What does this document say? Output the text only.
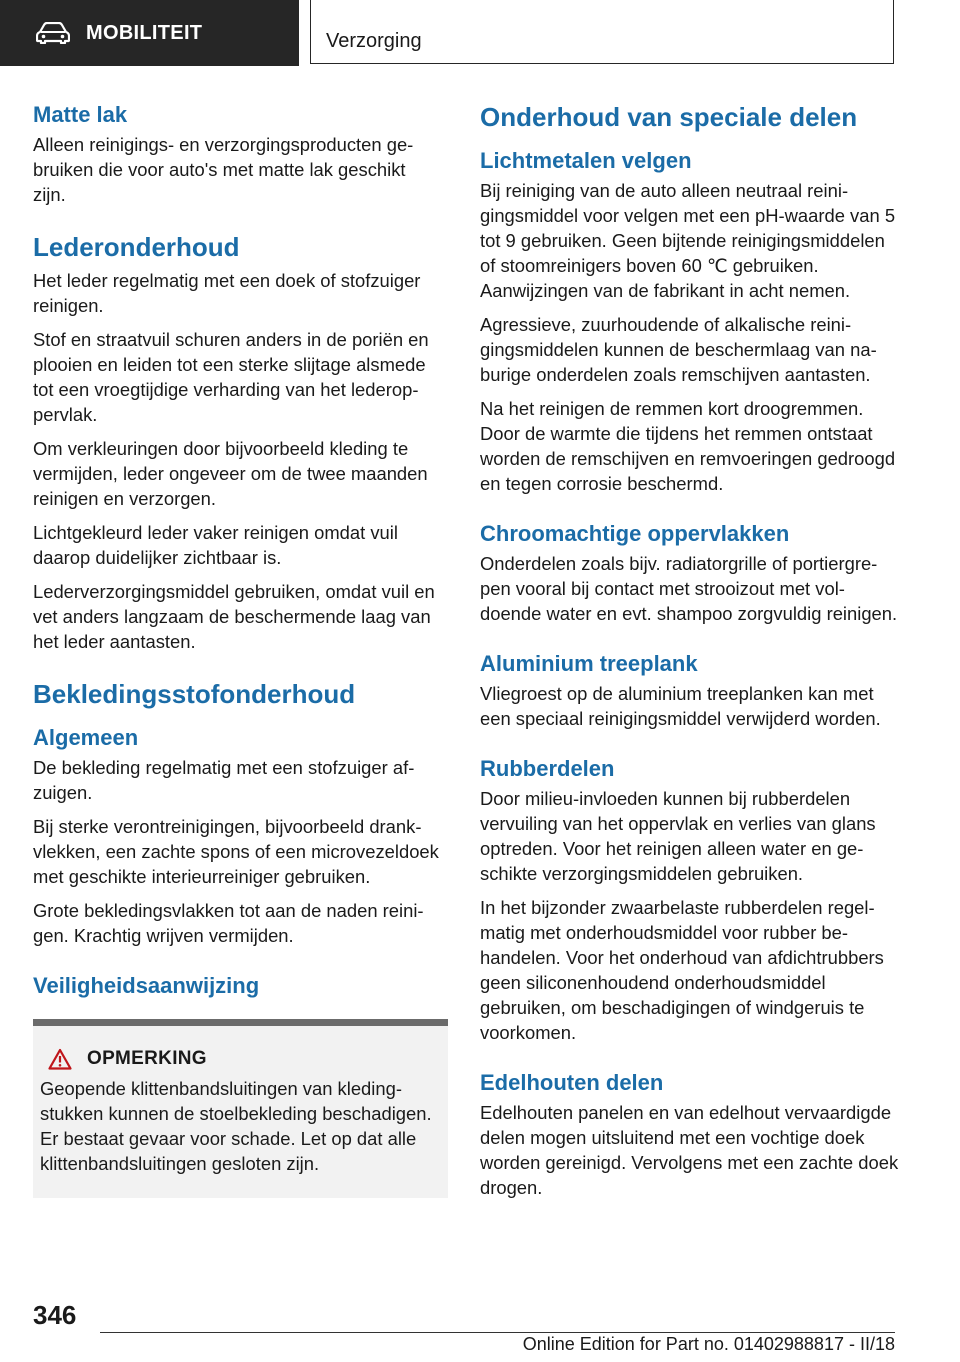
MOBILITEIT	Verzorging
Matte lak

Alleen reinigings- en verzorgingsproducten gebruiken die voor auto's met matte lak geschikt zijn.

Lederonderhoud

Het leder regelmatig met een doek of stofzuiger reinigen.

Stof en straatvuil schuren anders in de poriën en plooien en leiden tot een sterke slijtage alsmede tot een vroegtijdige verharding van het lederoppervlak.

Om verkleuringen door bijvoorbeeld kleding te vermijden, leder ongeveer om de twee maanden reinigen en verzorgen.

Lichtgekleurd leder vaker reinigen omdat vuil daarop duidelijker zichtbaar is.

Lederverzorgingsmiddel gebruiken, omdat vuil en vet anders langzaam de beschermende laag van het leder aantasten.

Bekledingsstofonderhoud
Algemeen

De bekleding regelmatig met een stofzuiger afzuigen.

Bij sterke verontreinigingen, bijvoorbeeld drankvlekken, een zachte spons of een microvezeldoek met geschikte interieurreiniger gebruiken.

Grote bekledingsvlakken tot aan de naden reinigen. Krachtig wrijven vermijden.

Veiligheidsaanwijzing
OPMERKING

Geopende klittenbandsluitingen van kledingstukken kunnen de stoelbekleding beschadigen. Er bestaat gevaar voor schade. Let op dat alle klittenbandsluitingen gesloten zijn.

Onderhoud van speciale delen
Lichtmetalen velgen

Bij reiniging van de auto alleen neutraal reinigingsmiddel voor velgen met een pH-waarde van 5 tot 9 gebruiken. Geen bijtende reinigingsmiddelen of stoomreinigers boven 60 ℃ gebruiken. Aanwijzingen van de fabrikant in acht nemen.

Agressieve, zuurhoudende of alkalische reinigingsmiddelen kunnen de beschermlaag van naburige onderdelen zoals remschijven aantasten.

Na het reinigen de remmen kort droogremmen. Door de warmte die tijdens het remmen ontstaat worden de remschijven en remvoeringen gedroogd en tegen corrosie beschermd.

Chroomachtige oppervlakken

Onderdelen zoals bijv. radiatorgrille of portiergrepen vooral bij contact met strooizout met voldoende water en evt. shampoo zorgvuldig reinigen.

Aluminium treeplank

Vliegroest op de aluminium treeplanken kan met een speciaal reinigingsmiddel verwijderd worden.

Rubberdelen

Door milieu-invloeden kunnen bij rubberdelen vervuiling van het oppervlak en verlies van glans optreden. Voor het reinigen alleen water en geschikte verzorgingsmiddelen gebruiken.

In het bijzonder zwaarbelaste rubberdelen regelmatig met onderhoudsmiddel voor rubber behandelen. Voor het onderhoud van afdichtrubbers geen siliconenhoudend onderhoudsmiddel gebruiken, om beschadigingen of windgeruis te voorkomen.

Edelhouten delen

Edelhouten panelen en van edelhout vervaardigde delen mogen uitsluitend met een vochtige doek worden gereinigd. Vervolgens met een zachte doek drogen.

346
Online Edition for Part no. 01402988817 - II/18
